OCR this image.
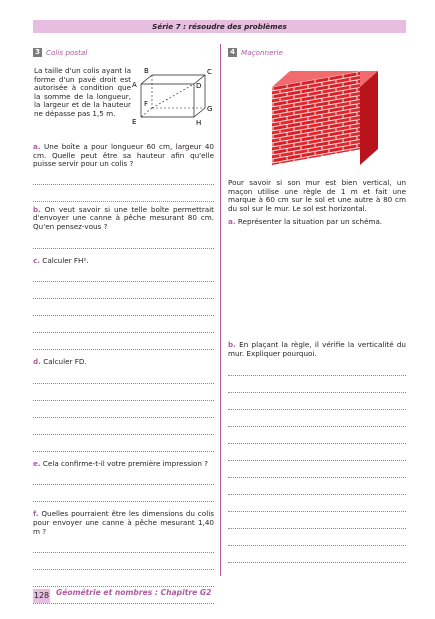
Série 7 : résoudre des problèmes
3 Colis postal

La taille d'un colis ayant la forme d'un pavé droit est autorisée à condition que la somme de la longueur, la largeur et de la hauteur ne dépasse pas 1,5 m.

A
B	C
D
E
F
G
H

a. Une boîte a pour longueur 60 cm, largeur 40 cm. Quelle peut être sa hauteur afin qu'elle puisse servir pour un colis ?

b. On veut savoir si une telle boîte permettrait d'envoyer une canne à pêche mesurant 80 cm. Qu'en pensez-vous ?

c. Calculer FH².

d. Calculer FD.

e. Cela confirme-t-il votre première impression ?

f. Quelles pourraient être les dimensions du colis pour envoyer une canne à pêche mesurant 1,40 m ?

4 Maçonnerie

Pour savoir si son mur est bien vertical, un maçon utilise une règle de 1 m et fait une marque à 60 cm sur le sol et une autre à 80 cm du sol sur le mur. Le sol est horizontal.

a. Représenter la situation par un schéma.

b. En plaçant la règle, il vérifie la verticalité du mur. Expliquer pourquoi.

128 Géométrie et nombres : Chapitre G2
